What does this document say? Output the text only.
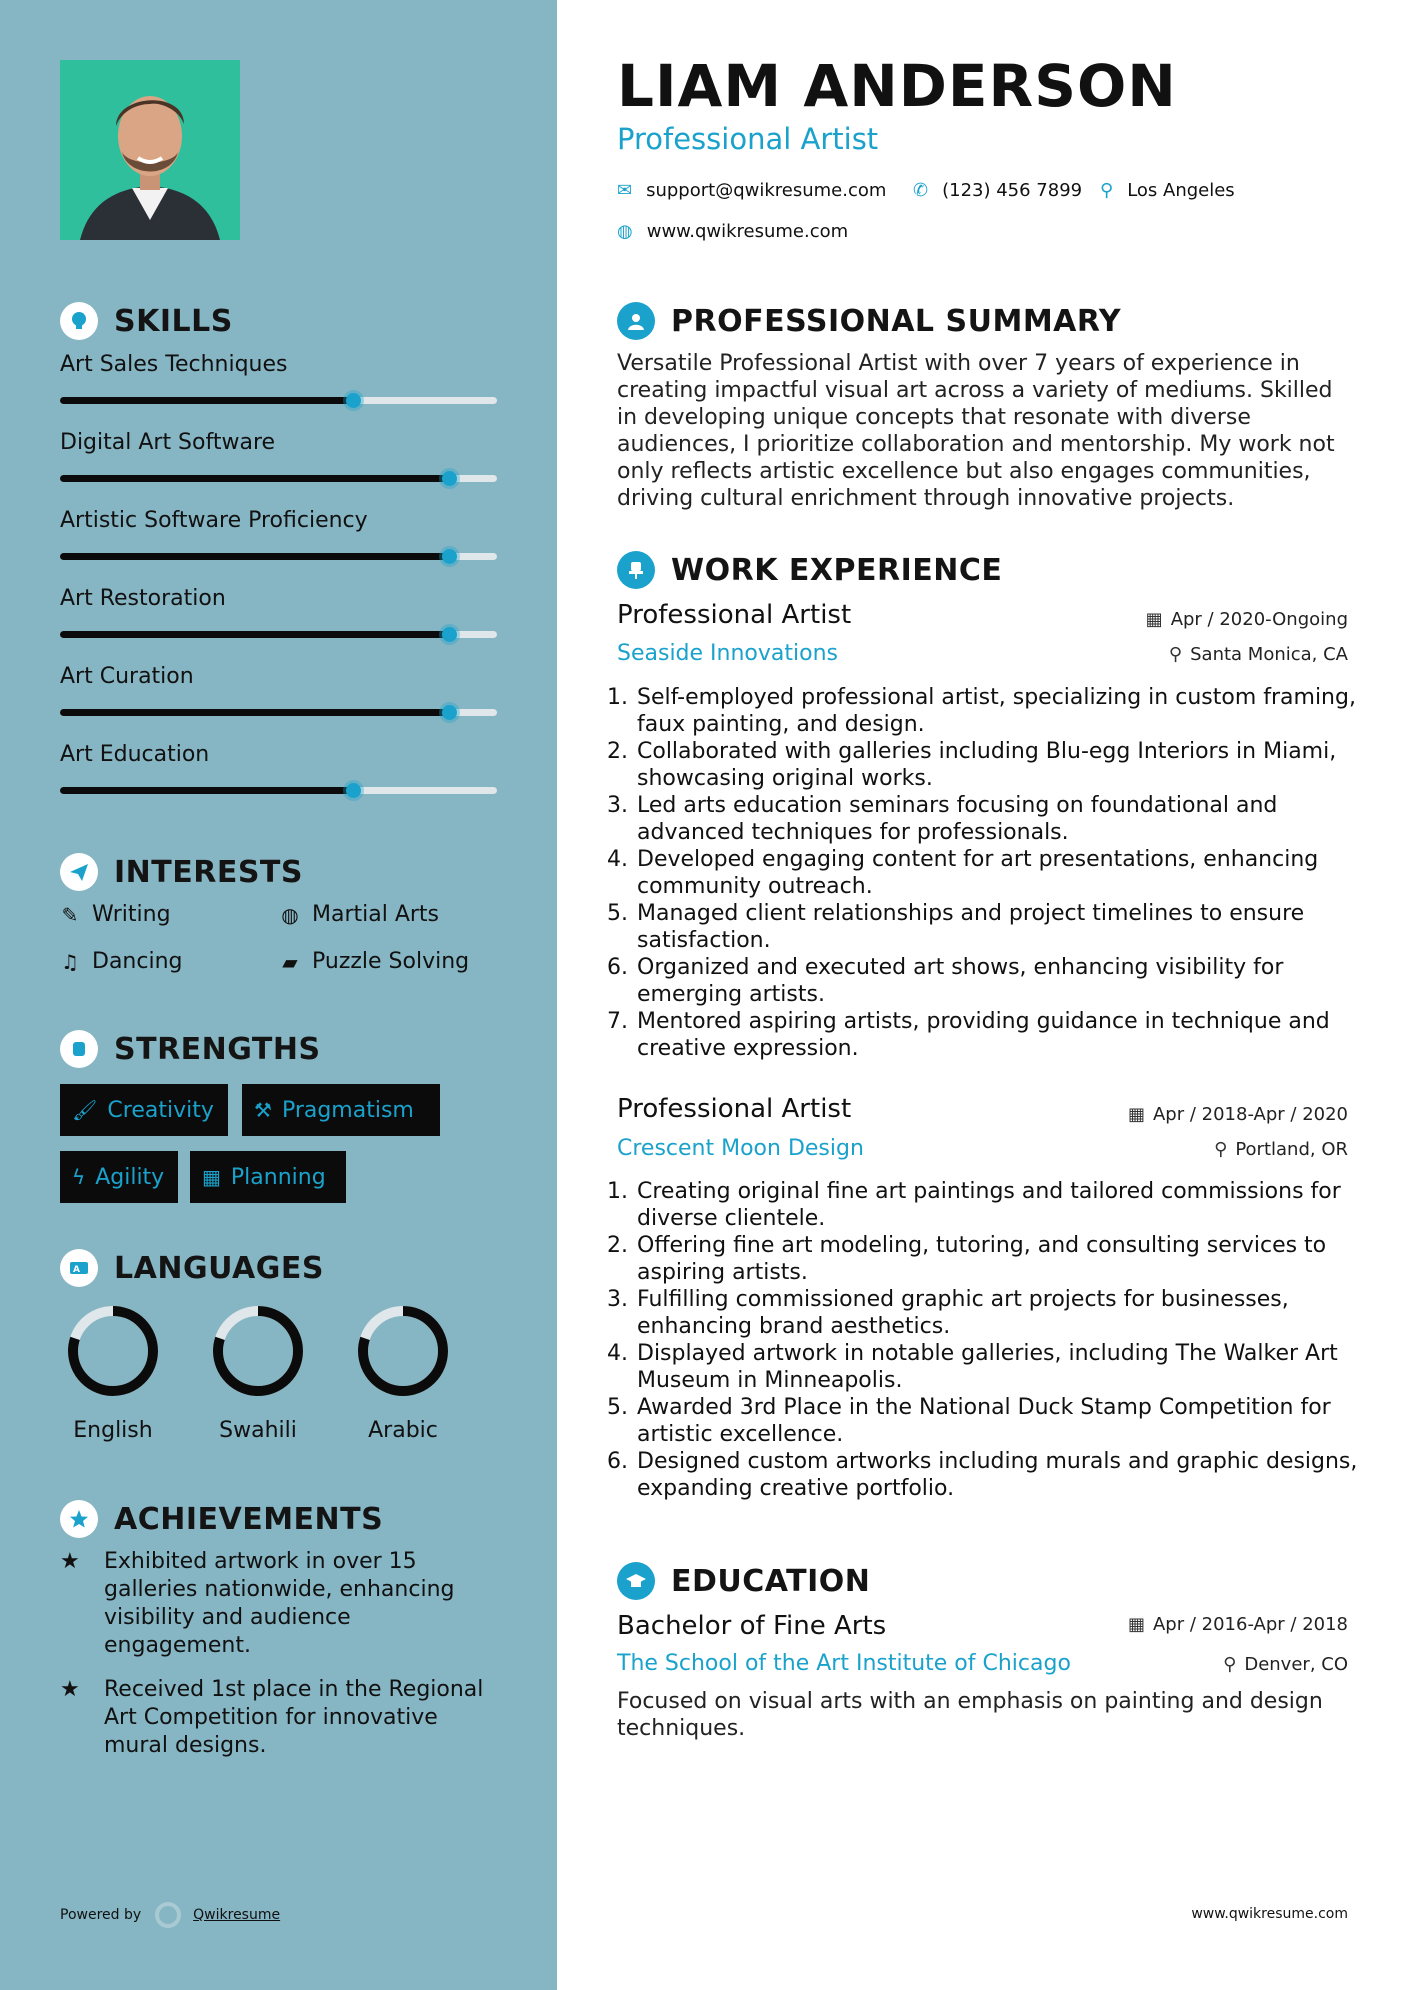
SKILLS
Art Sales Techniques
Digital Art Software
Artistic Software Proficiency
Art Restoration
Art Curation
Art Education
INTERESTS
✎ Writing	◍ Martial Arts
♫ Dancing	▰ Puzzle Solving
STRENGTHS
🖌 Creativity ⚒ Pragmatism
ϟ Agility ▦ Planning
A LANGUAGES
English	Swahili	Arabic
ACHIEVEMENTS
★	Exhibited artwork in over 15 galleries nationwide, enhancing visibility and audience engagement.
★	Received 1st place in the Regional Art Competition for innovative mural designs.
Powered by	Qwikresume
LIAM ANDERSON
Professional Artist
✉ support@qwikresume.com ✆ (123) 456 7899 ⚲ Los Angeles
◍ www.qwikresume.com
PROFESSIONAL SUMMARY
Versatile Professional Artist with over 7 years of experience in creating impactful visual art across a variety of mediums. Skilled in developing unique concepts that resonate with diverse audiences, I prioritize collaboration and mentorship. My work not only reflects artistic excellence but also engages communities, driving cultural enrichment through innovative projects.
WORK EXPERIENCE
Professional Artist	▦ Apr / 2020-Ongoing
Seaside Innovations	⚲ Santa Monica, CA
1. Self-employed professional artist, specializing in custom framing, faux painting, and design.
2. Collaborated with galleries including Blu-egg Interiors in Miami, showcasing original works.
3. Led arts education seminars focusing on foundational and advanced techniques for professionals.
4. Developed engaging content for art presentations, enhancing community outreach.
5. Managed client relationships and project timelines to ensure satisfaction.
6. Organized and executed art shows, enhancing visibility for emerging artists.
7. Mentored aspiring artists, providing guidance in technique and creative expression.
Professional Artist	▦ Apr / 2018-Apr / 2020
Crescent Moon Design	⚲ Portland, OR
1. Creating original fine art paintings and tailored commissions for diverse clientele.
2. Offering fine art modeling, tutoring, and consulting services to aspiring artists.
3. Fulfilling commissioned graphic art projects for businesses, enhancing brand aesthetics.
4. Displayed artwork in notable galleries, including The Walker Art Museum in Minneapolis.
5. Awarded 3rd Place in the National Duck Stamp Competition for artistic excellence.
6. Designed custom artworks including murals and graphic designs, expanding creative portfolio.
EDUCATION
Bachelor of Fine Arts	▦ Apr / 2016-Apr / 2018
The School of the Art Institute of Chicago	⚲ Denver, CO
Focused on visual arts with an emphasis on painting and design techniques.
www.qwikresume.com
